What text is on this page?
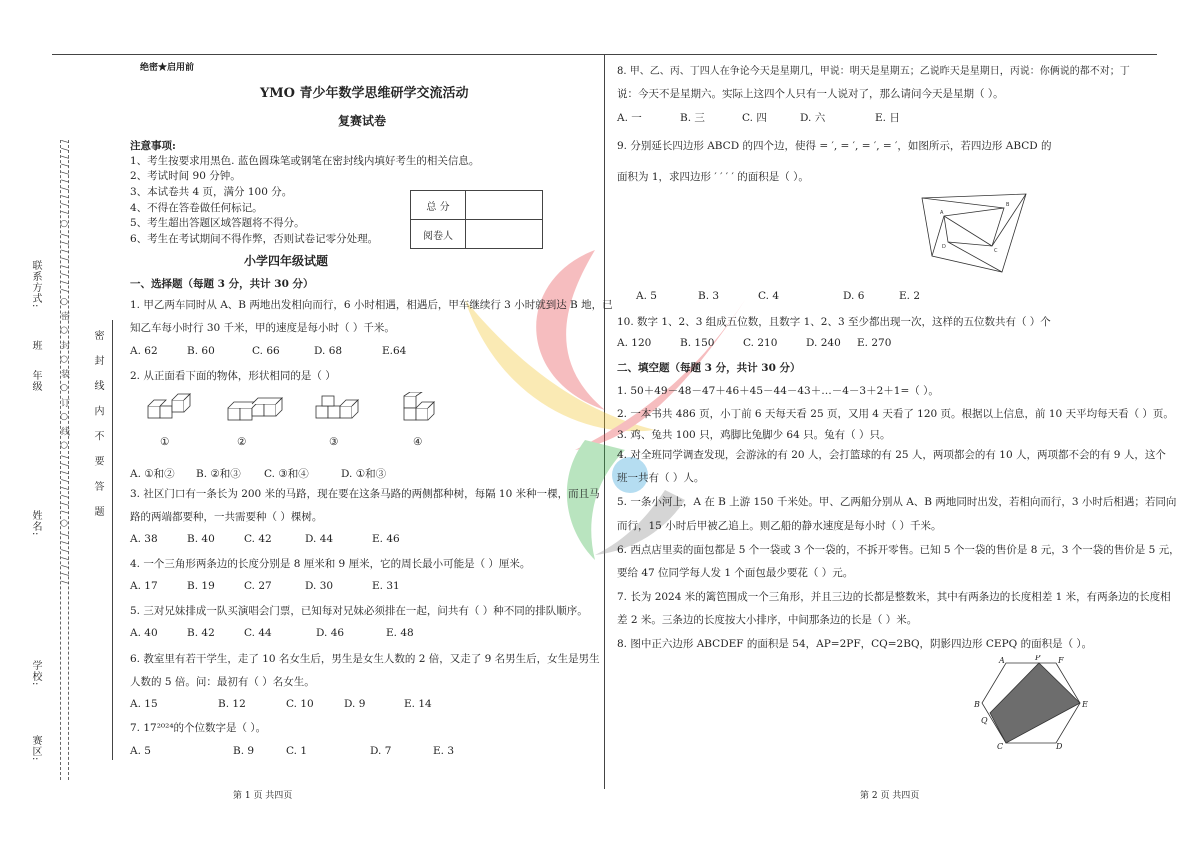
赛区:
学校:
姓名:
年级
班
联系方式: / / / / / / / / / / ○ / / / / / / / / ○ 密 ○ 封 ○ 装 ○ 订 ○ 线 ○ / / / / / / / / ○ / / / / / / / 密 封 线 内 不 要 答 题
绝密★启用前
YMO 青少年数学思维研学交流活动
复赛试卷
注意事项:
1、考生按要求用黑色. 蓝色圆珠笔或钢笔在密封线内填好考生的相关信息。
2、考试时间 90 分钟。
3、本试卷共 4 页，满分 100 分。
4、不得在答卷做任何标记。
5、考生超出答题区域答题将不得分。
6、考生在考试期间不得作弊，否则试卷记零分处理。
总 分	
阅卷人	
小学四年级试题
一、选择题（每题 3 分，共计 30 分）
1. 甲乙两车同时从 A、B 两地出发相向而行，6 小时相遇，相遇后，甲车继续行 3 小时就到达 B 地，已
知乙车每小时行 30 千米，甲的速度是每小时（ ）千米。
A. 62	B. 60	C. 66	D. 68	E.64
2. 从正面看下面的物体，形状相同的是（ ）
①	②	③	④
A. ①和② B. ②和③ C. ③和④	D. ①和③
3. 社区门口有一条长为 200 米的马路，现在要在这条马路的两侧都种树，每隔 10 米种一棵，而且马
路的两端都要种，一共需要种（ ）棵树。
A. 38	B. 40	C. 42	D. 44	E. 46
4. 一个三角形两条边的长度分别是 8 厘米和 9 厘米，它的周长最小可能是（ ）厘米。
A. 17	B. 19	C. 27	D. 30	E. 31
5. 三对兄妹排成一队买演唱会门票，已知每对兄妹必须排在一起，问共有（ ）种不同的排队顺序。
A. 40	B. 42	C. 44	D. 46	E. 48
6. 教室里有若干学生，走了 10 名女生后，男生是女生人数的 2 倍，又走了 9 名男生后，女生是男生
人数的 5 倍。问：最初有（ ）名女生。
A. 15	B. 12	C. 10	D. 9	E. 14
7. 17²⁰²⁴的个位数字是（ ）。
A. 5	B. 9	C. 1	D. 7	E. 3
8. 甲、乙、丙、丁四人在争论今天是星期几，甲说：明天是星期五；乙说昨天是星期日，丙说：你俩说的都不对；丁
说：今天不是星期六。实际上这四个人只有一人说对了，那么请问今天是星期（ ）。
A. 一	B. 三	C. 四	D. 六	E. 日
9. 分别延长四边形 ABCD 的四个边，使得 = ′, = ′, = ′, = ′，如图所示，若四边形 ABCD 的
面积为 1，求四边形 ′ ′ ′ ′ 的面积是（ ）。
A
B
C
D
A. 5	B. 3	C. 4	D. 6	E. 2
10. 数字 1、2、3 组成五位数，且数字 1、2、3 至少都出现一次，这样的五位数共有（ ）个
A. 120	B. 150	C. 210	D. 240 E. 270
二、填空题（每题 3 分，共计 30 分）
1. 50＋49－48－47＋46＋45－44－43＋…－4－3＋2＋1=（ ）。
2. 一本书共 486 页，小丁前 6 天每天看 25 页，又用 4 天看了 120 页。根据以上信息，前 10 天平均每天看（ ）页。
3. 鸡、兔共 100 只，鸡脚比兔脚少 64 只。兔有（ ）只。
4. 对全班同学调查发现，会游泳的有 20 人，会打篮球的有 25 人，两项都会的有 10 人，两项都不会的有 9 人，这个
班一共有（ ）人。
5. 一条小河上，A 在 B 上游 150 千米处。甲、乙两船分别从 A、B 两地同时出发，若相向而行，3 小时后相遇；若同向
而行，15 小时后甲被乙追上。则乙船的静水速度是每小时（ ）千米。
6. 西点店里卖的面包都是 5 个一袋或 3 个一袋的，不拆开零售。已知 5 个一袋的售价是 8 元，3 个一袋的售价是 5 元，
要给 47 位同学每人发 1 个面包最少要花（ ）元。
7. 长为 2024 米的篱笆围成一个三角形，并且三边的长都是整数米，其中有两条边的长度相差 1 米，有两条边的长度相
差 2 米。三条边的长度按大小排序，中间那条边的长是（ ）米。
8. 图中正六边形 ABCDEF 的面积是 54，AP=2PF，CQ=2BQ，阴影四边形 CEPQ 的面积是（ ）。
A	P F
B
Q
E
C	D
第 1 页 共四页	第 2 页 共四页
